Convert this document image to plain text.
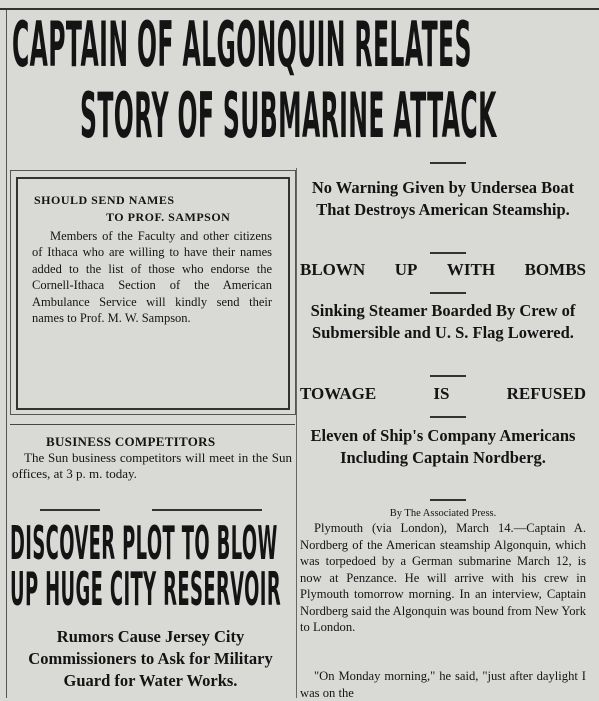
CAPTAIN OF ALGONQUIN RELATES
STORY OF SUBMARINE ATTACK
SHOULD SEND NAMES
TO PROF. SAMPSON

Members of the Faculty and other citizens of Ithaca who are willing to have their names added to the list of those who endorse the Cornell-Ithaca Section of the American Ambulance Service will kindly send their names to Prof. M. W. Sampson.

BUSINESS COMPETITORS

The Sun business competitors will meet in the Sun offices, at 3 p. m. today.

DISCOVER PLOT TO BLOW
UP HUGE CITY RESERVOIR

Rumors Cause Jersey City Commissioners to Ask for Military Guard for Water Works.

No Warning Given by Undersea Boat That Destroys American Steamship.

BLOWN UP WITH BOMBS

Sinking Steamer Boarded By Crew of Submersible and U. S. Flag Lowered.

TOWAGE	IS	REFUSED

Eleven of Ship's Company Americans Including Captain Nordberg.

By The Associated Press.

Plymouth (via London), March 14.—Captain A. Nordberg of the American steamship Algonquin, which was torpedoed by a German submarine March 12, is now at Penzance. He will arrive with his crew in Plymouth tomorrow morning. In an interview, Captain Nordberg said the Algonquin was bound from New York to London.

"On Monday morning," he said, "just after daylight I was on the
